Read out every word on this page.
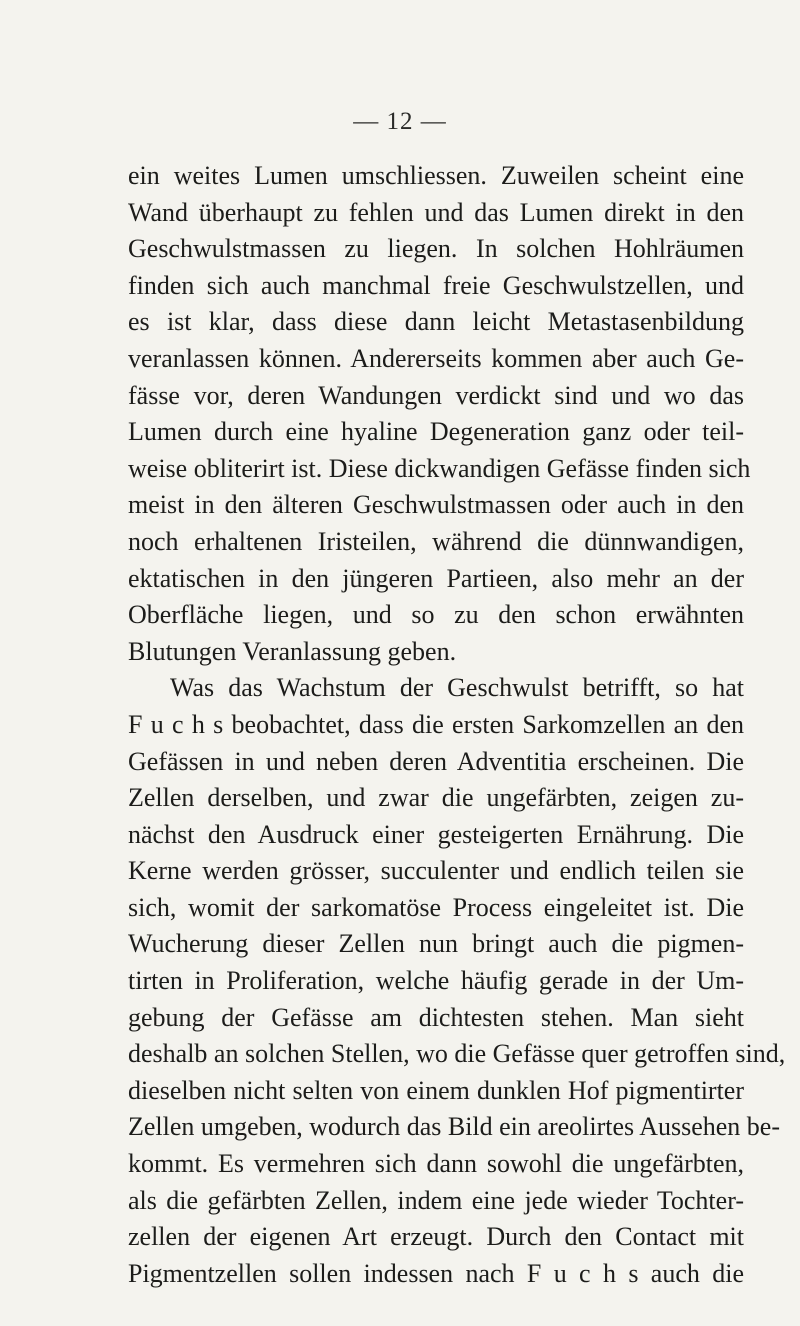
— 12 —
ein weites Lumen umschliessen. Zuweilen scheint eine
Wand überhaupt zu fehlen und das Lumen direkt in den
Geschwulstmassen zu liegen. In solchen Hohlräumen
finden sich auch manchmal freie Geschwulstzellen, und
es ist klar, dass diese dann leicht Metastasenbildung
veranlassen können. Andererseits kommen aber auch Ge-
fässe vor, deren Wandungen verdickt sind und wo das
Lumen durch eine hyaline Degeneration ganz oder teil-
weise obliterirt ist. Diese dickwandigen Gefässe finden sich
meist in den älteren Geschwulstmassen oder auch in den
noch erhaltenen Iristeilen, während die dünnwandigen,
ektatischen in den jüngeren Partieen, also mehr an der
Oberfläche liegen, und so zu den schon erwähnten
Blutungen Veranlassung geben.
Was das Wachstum der Geschwulst betrifft, so hat
F u c h s beobachtet, dass die ersten Sarkomzellen an den
Gefässen in und neben deren Adventitia erscheinen. Die
Zellen derselben, und zwar die ungefärbten, zeigen zu-
nächst den Ausdruck einer gesteigerten Ernährung. Die
Kerne werden grösser, succulenter und endlich teilen sie
sich, womit der sarkomatöse Process eingeleitet ist. Die
Wucherung dieser Zellen nun bringt auch die pigmen-
tirten in Proliferation, welche häufig gerade in der Um-
gebung der Gefässe am dichtesten stehen. Man sieht
deshalb an solchen Stellen, wo die Gefässe quer getroffen sind,
dieselben nicht selten von einem dunklen Hof pigmentirter
Zellen umgeben, wodurch das Bild ein areolirtes Aussehen be-
kommt. Es vermehren sich dann sowohl die ungefärbten,
als die gefärbten Zellen, indem eine jede wieder Tochter-
zellen der eigenen Art erzeugt. Durch den Contact mit
Pigmentzellen sollen indessen nach F u c h s auch die
